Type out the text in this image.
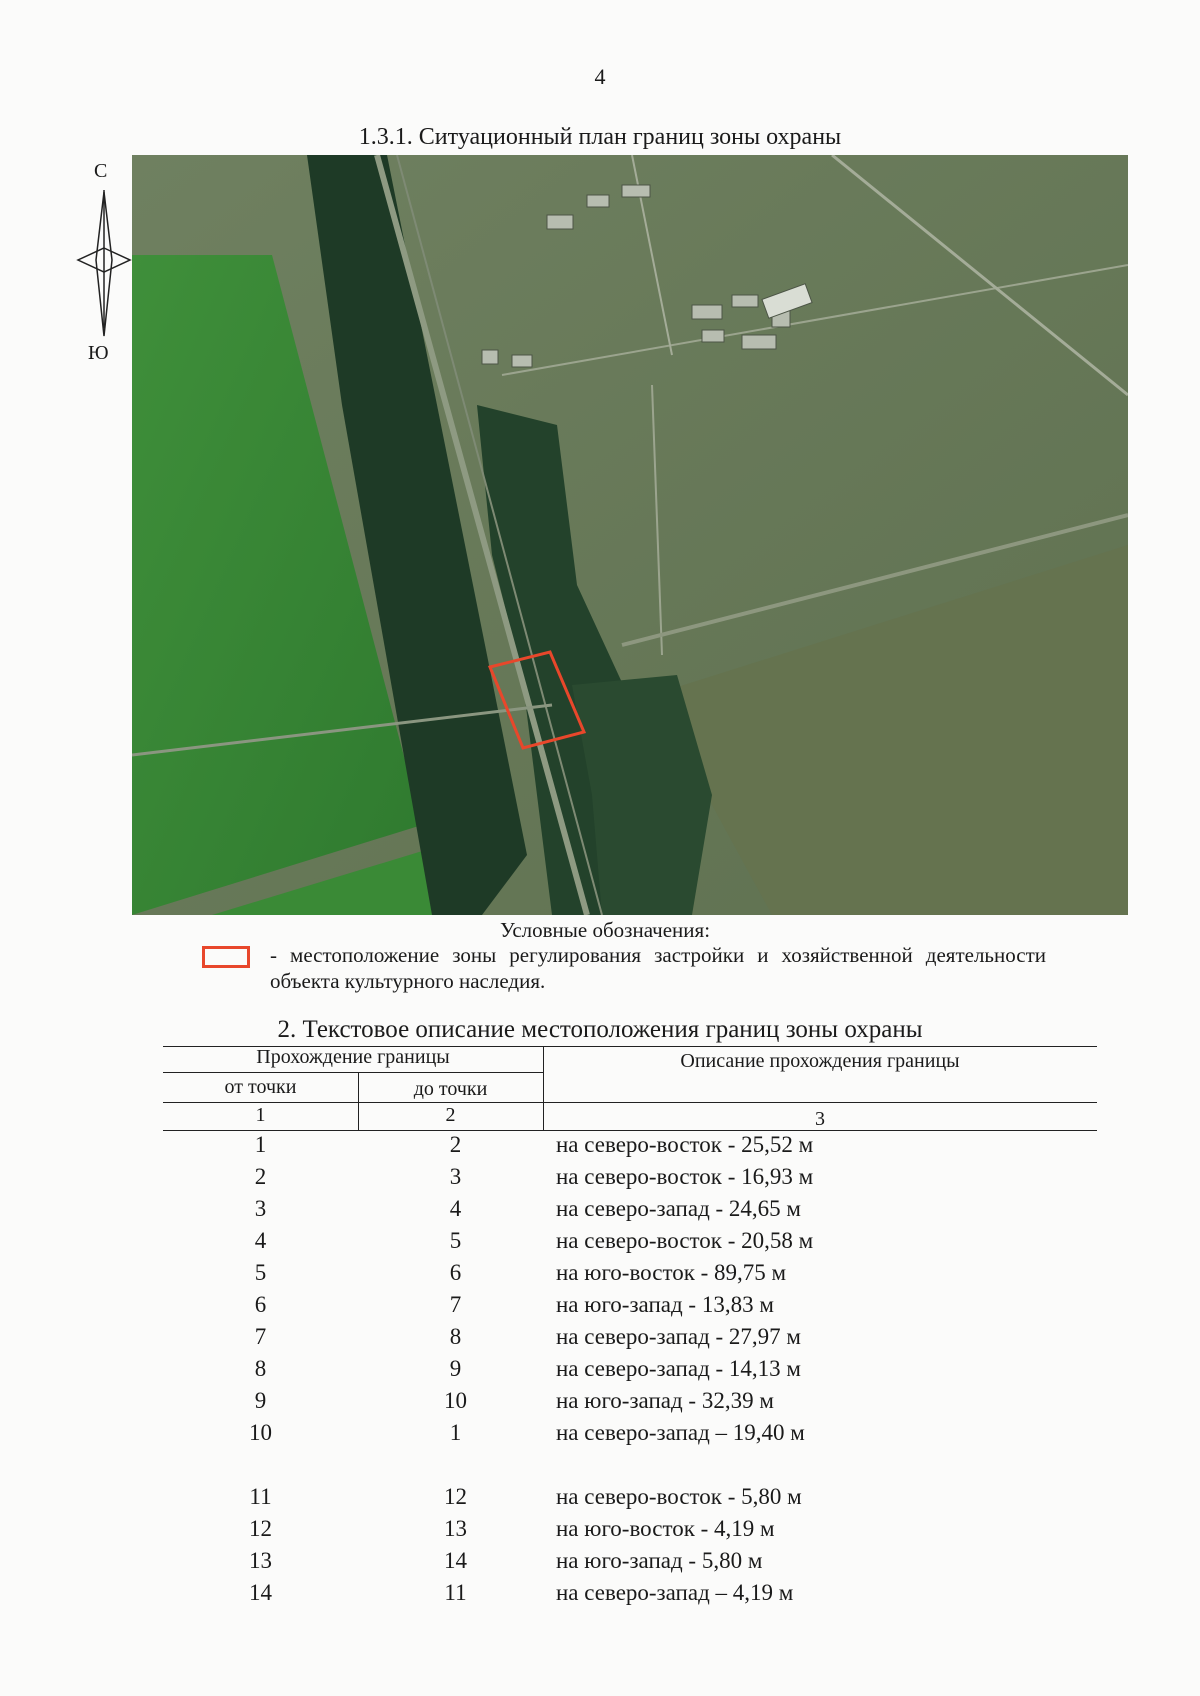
4
1.3.1. Ситуационный план границ зоны охраны
С
Ю
Условные обозначения:
- местоположение зоны регулирования застройки и хозяйственной деятельности объекта культурного наследия.
2. Текстовое описание местоположения границ зоны охраны
Прохождение границы
от точки	до точки
Описание прохождения границы
1	2	3
1	2	на северо-восток - 25,52 м
2	3	на северо-восток - 16,93 м
3	4	на северо-запад - 24,65 м
4	5	на северо-восток - 20,58 м
5	6	на юго-восток - 89,75 м
6	7	на юго-запад - 13,83 м
7	8	на северо-запад - 27,97 м
8	9	на северо-запад - 14,13 м
9	10	на юго-запад - 32,39 м
10	1	на северо-запад – 19,40 м
11	12	на северо-восток - 5,80 м
12	13	на юго-восток - 4,19 м
13	14	на юго-запад - 5,80 м
14	11	на северо-запад – 4,19 м
